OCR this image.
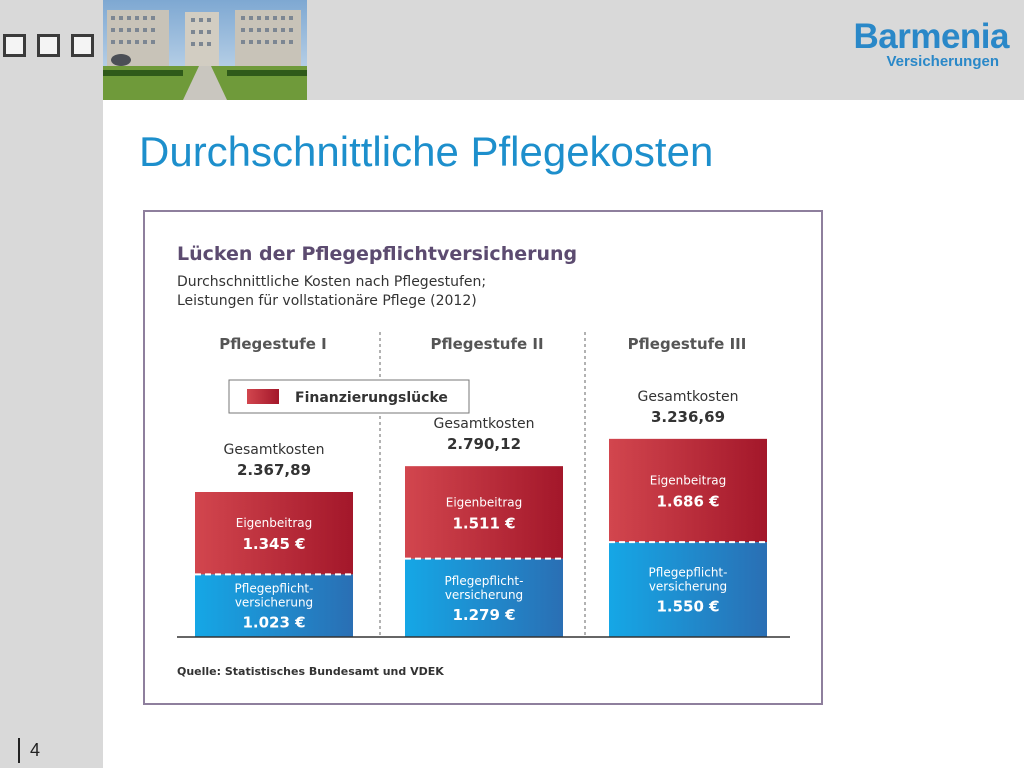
Barmenia
Versicherungen
Durchschnittliche Pflegekosten
Lücken der Pflegepflichtversicherung
Durchschnittliche Kosten nach Pflegestufen;
Leistungen für vollstationäre Pflege (2012)
Pflegestufe I	Pflegestufe II	Pflegestufe III
Finanzierungslücke
Eigenbeitrag
1.345 €
Pflegepflicht-
versicherung
1.023 €
Gesamtkosten
2.367,89
Eigenbeitrag
1.511 €
Pflegepflicht-
versicherung
1.279 €
Gesamtkosten
2.790,12
Eigenbeitrag
1.686 €
Pflegepflicht-
versicherung
1.550 €
Gesamtkosten
3.236,69
Quelle: Statistisches Bundesamt und VDEK
4
